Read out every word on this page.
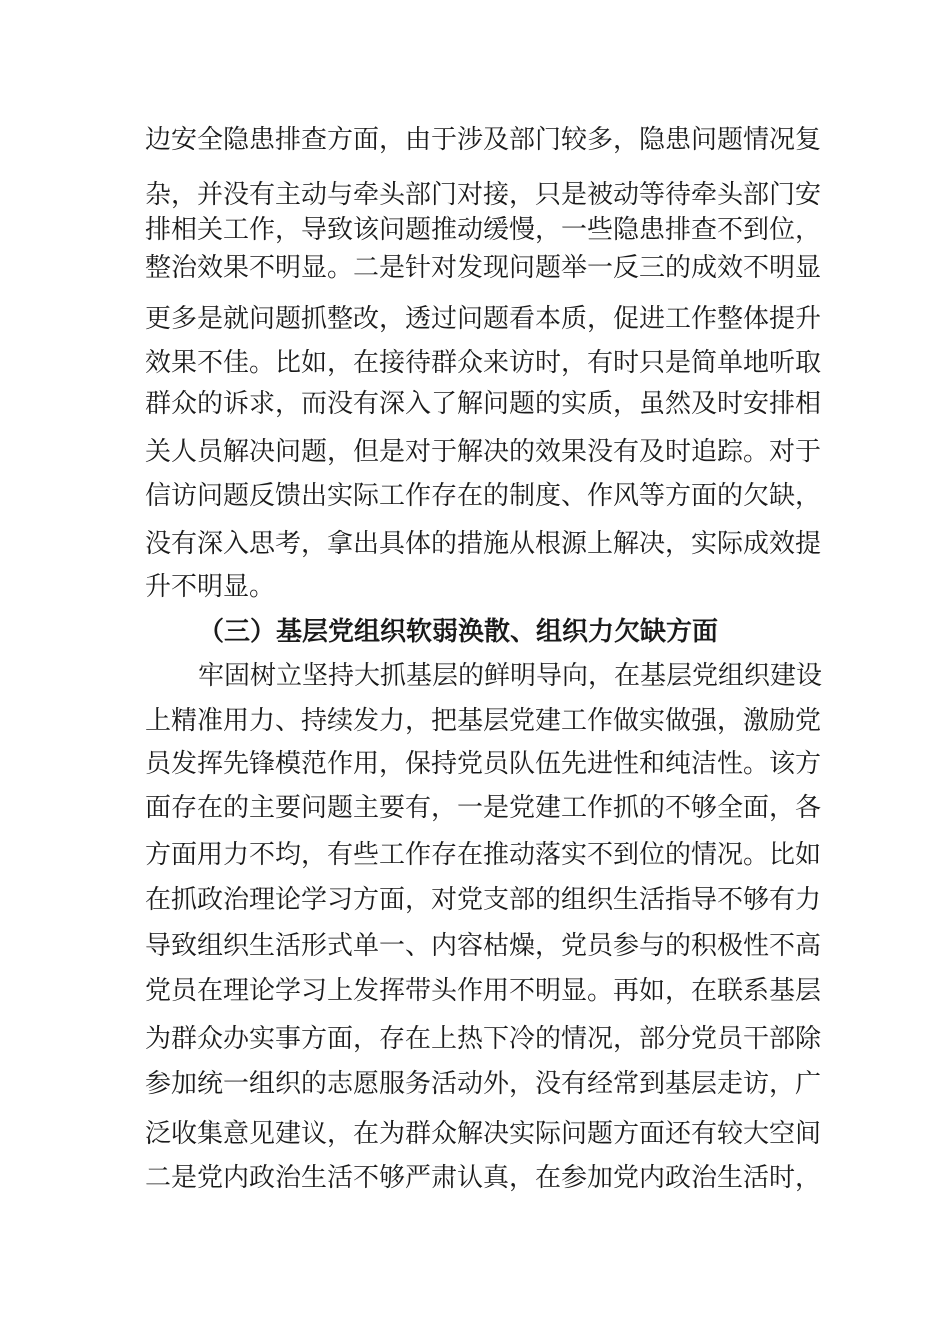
边安全隐患排查方面，由于涉及部门较多，隐患问题情况复
杂，并没有主动与牵头部门对接，只是被动等待牵头部门安
排相关工作，导致该问题推动缓慢，一些隐患排查不到位，
整治效果不明显。二是针对发现问题举一反三的成效不明显
更多是就问题抓整改，透过问题看本质，促进工作整体提升
效果不佳。比如，在接待群众来访时，有时只是简单地听取
群众的诉求，而没有深入了解问题的实质，虽然及时安排相
关人员解决问题，但是对于解决的效果没有及时追踪。对于
信访问题反馈出实际工作存在的制度、作风等方面的欠缺，
没有深入思考，拿出具体的措施从根源上解决，实际成效提
升不明显。
（三）基层党组织软弱涣散、组织力欠缺方面
牢固树立坚持大抓基层的鲜明导向，在基层党组织建设
上精准用力、持续发力，把基层党建工作做实做强，激励党
员发挥先锋模范作用，保持党员队伍先进性和纯洁性。该方
面存在的主要问题主要有，一是党建工作抓的不够全面，各
方面用力不均，有些工作存在推动落实不到位的情况。比如
在抓政治理论学习方面，对党支部的组织生活指导不够有力
导致组织生活形式单一、内容枯燥，党员参与的积极性不高
党员在理论学习上发挥带头作用不明显。再如，在联系基层
为群众办实事方面，存在上热下冷的情况，部分党员干部除
参加统一组织的志愿服务活动外，没有经常到基层走访，广
泛收集意见建议，在为群众解决实际问题方面还有较大空间
二是党内政治生活不够严肃认真，在参加党内政治生活时，
